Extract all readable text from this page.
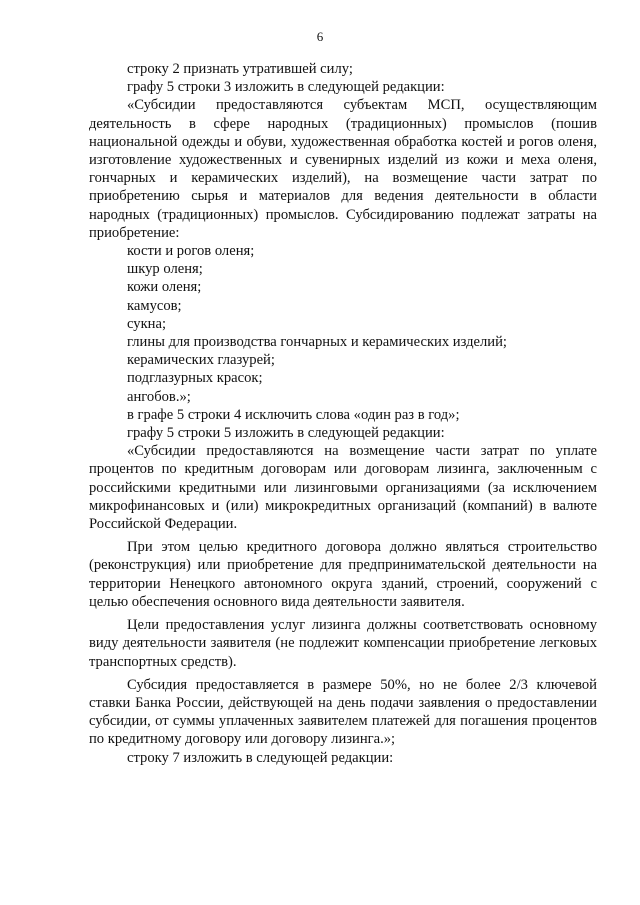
6

строку 2 признать утратившей силу;

графу 5 строки 3 изложить в следующей редакции:

«Субсидии предоставляются субъектам МСП, осуществляющим деятельность в сфере народных (традиционных) промыслов (пошив национальной одежды и обуви, художественная обработка костей и рогов оленя, изготовление художественных и сувенирных изделий из кожи и меха оленя, гончарных и керамических изделий), на возмещение части затрат по приобретению сырья и материалов для ведения деятельности в области народных (традиционных) промыслов. Субсидированию подлежат затраты на приобретение:

кости и рогов оленя;

шкур оленя;

кожи оленя;

камусов;

сукна;

глины для производства гончарных и керамических изделий;

керамических глазурей;

подглазурных красок;

ангобов.»;

в графе 5 строки 4 исключить слова «один раз в год»;

графу 5 строки 5 изложить в следующей редакции:

«Субсидии предоставляются на возмещение части затрат по уплате процентов по кредитным договорам или договорам лизинга, заключенным с российскими кредитными или лизинговыми организациями (за исключением микрофинансовых и (или) микрокредитных организаций (компаний) в валюте Российской Федерации.

При этом целью кредитного договора должно являться строительство (реконструкция) или приобретение для предпринимательской деятельности на территории Ненецкого автономного округа зданий, строений, сооружений с целью обеспечения основного вида деятельности заявителя.

Цели предоставления услуг лизинга должны соответствовать основному виду деятельности заявителя (не подлежит компенсации приобретение легковых транспортных средств).

Субсидия предоставляется в размере 50%, но не более 2/3 ключевой ставки Банка России, действующей на день подачи заявления о предоставлении субсидии, от суммы уплаченных заявителем платежей для погашения процентов по кредитному договору или договору лизинга.»;

строку 7 изложить в следующей редакции:
